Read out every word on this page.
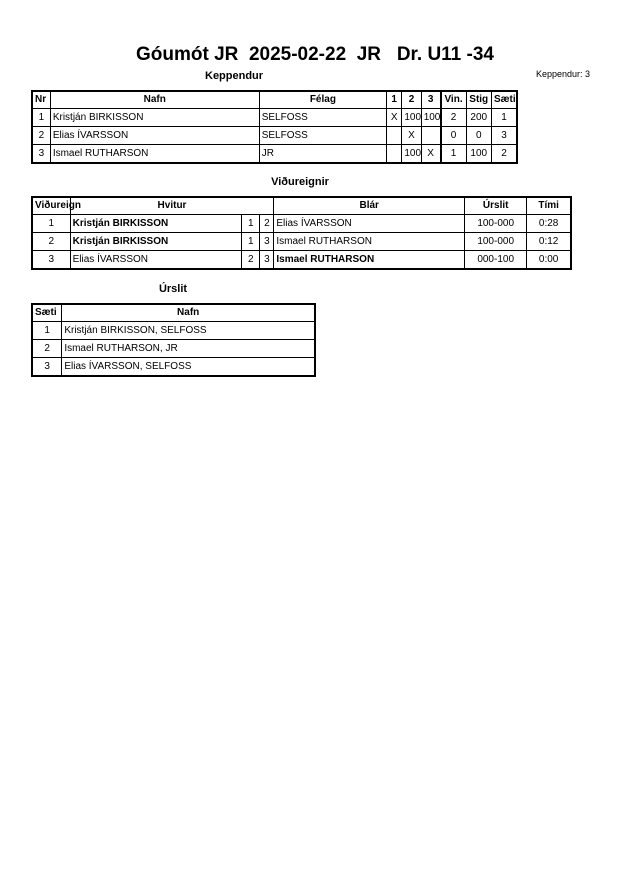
Góumót JR  2025-02-22  JR   Dr. U11 -34
Keppendur	Keppendur: 3
Nr	Nafn	Félag	1	2	3	Vin.	Stig	Sæti
1	Kristján BIRKISSON	SELFOSS	X	100	100	2	200	1
2	Elias ÍVARSSON	SELFOSS		X		0	0	3
3	Ismael RUTHARSON	JR		100	X	1	100	2
Viðureignir
Viðureign	Hvitur			Blár	Úrslit	Tími
1	Kristján BIRKISSON	1	2	Elias ÍVARSSON	100-000	0:28
2	Kristján BIRKISSON	1	3	Ismael RUTHARSON	100-000	0:12
3	Elias ÍVARSSON	2	3	Ismael RUTHARSON	000-100	0:00
Úrslit
Sæti	Nafn
1	Kristján BIRKISSON, SELFOSS
2	Ismael RUTHARSON, JR
3	Elias ÍVARSSON, SELFOSS
